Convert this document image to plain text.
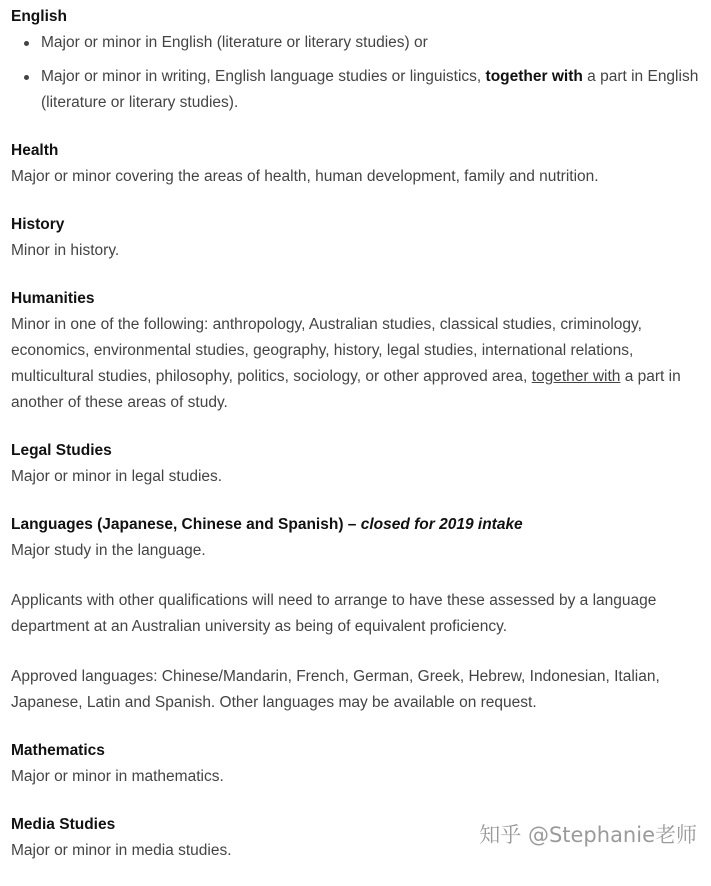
English

Major or minor in English (literature or literary studies) or
Major or minor in writing, English language studies or linguistics, together with a part in English (literature or literary studies).

Health

Major or minor covering the areas of health, human development, family and nutrition.

History

Minor in history.

Humanities

Minor in one of the following: anthropology, Australian studies, classical studies, criminology, economics, environmental studies, geography, history, legal studies, international relations, multicultural studies, philosophy, politics, sociology, or other approved area, together with a part in another of these areas of study.

Legal Studies

Major or minor in legal studies.

Languages (Japanese, Chinese and Spanish) – closed for 2019 intake

Major study in the language.

Applicants with other qualifications will need to arrange to have these assessed by a language department at an Australian university as being of equivalent proficiency.

Approved languages: Chinese/Mandarin, French, German, Greek, Hebrew, Indonesian, Italian, Japanese, Latin and Spanish. Other languages may be available on request.

Mathematics

Major or minor in mathematics.

Media Studies

Major or minor in media studies.

知乎 @Stephanie老师
